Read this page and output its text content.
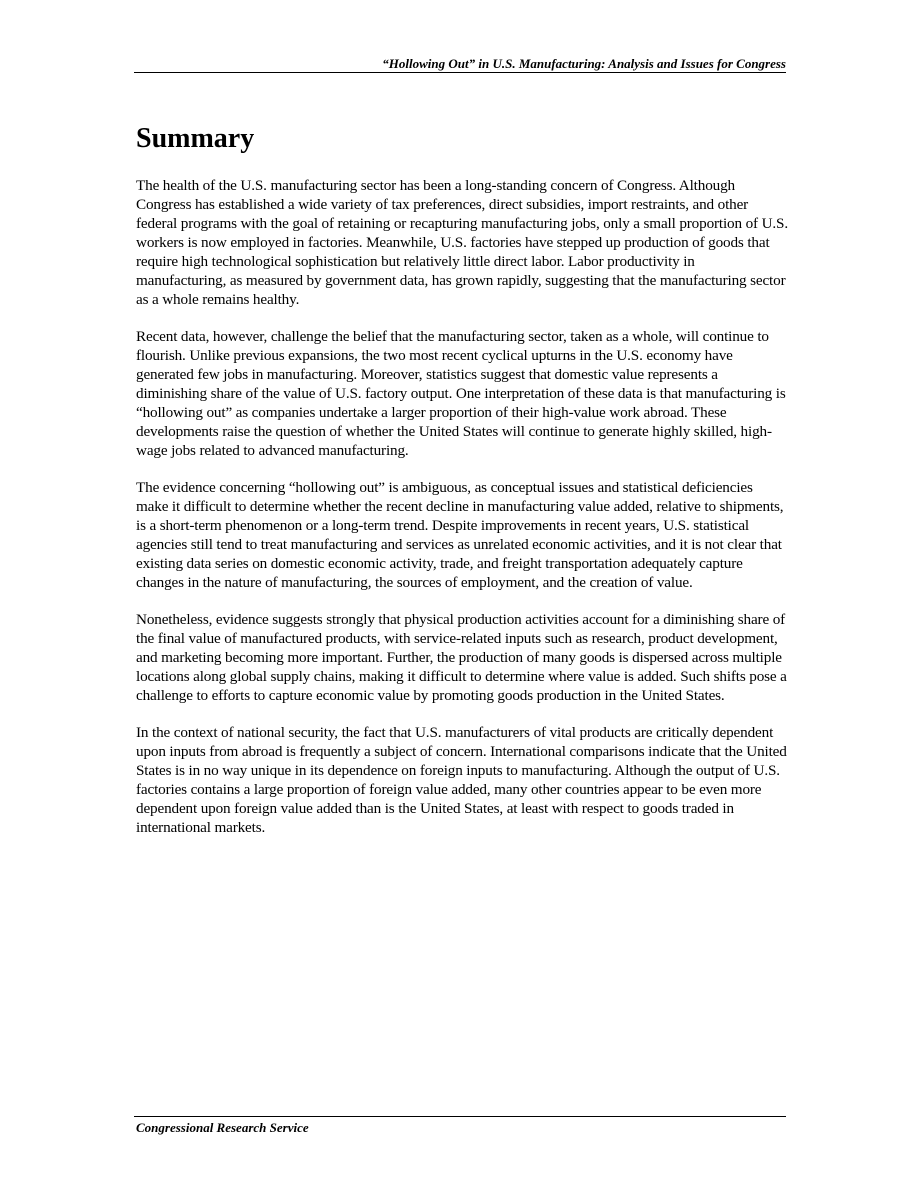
“Hollowing Out” in U.S. Manufacturing: Analysis and Issues for Congress
Summary

The health of the U.S. manufacturing sector has been a long-standing concern of Congress. Although Congress has established a wide variety of tax preferences, direct subsidies, import restraints, and other federal programs with the goal of retaining or recapturing manufacturing jobs, only a small proportion of U.S. workers is now employed in factories. Meanwhile, U.S. factories have stepped up production of goods that require high technological sophistication but relatively little direct labor. Labor productivity in manufacturing, as measured by government data, has grown rapidly, suggesting that the manufacturing sector as a whole remains healthy.

Recent data, however, challenge the belief that the manufacturing sector, taken as a whole, will continue to flourish. Unlike previous expansions, the two most recent cyclical upturns in the U.S. economy have generated few jobs in manufacturing. Moreover, statistics suggest that domestic value represents a diminishing share of the value of U.S. factory output. One interpretation of these data is that manufacturing is “hollowing out” as companies undertake a larger proportion of their high-value work abroad. These developments raise the question of whether the United States will continue to generate highly skilled, high-wage jobs related to advanced manufacturing.

The evidence concerning “hollowing out” is ambiguous, as conceptual issues and statistical deficiencies make it difficult to determine whether the recent decline in manufacturing value added, relative to shipments, is a short-term phenomenon or a long-term trend. Despite improvements in recent years, U.S. statistical agencies still tend to treat manufacturing and services as unrelated economic activities, and it is not clear that existing data series on domestic economic activity, trade, and freight transportation adequately capture changes in the nature of manufacturing, the sources of employment, and the creation of value.

Nonetheless, evidence suggests strongly that physical production activities account for a diminishing share of the final value of manufactured products, with service-related inputs such as research, product development, and marketing becoming more important. Further, the production of many goods is dispersed across multiple locations along global supply chains, making it difficult to determine where value is added. Such shifts pose a challenge to efforts to capture economic value by promoting goods production in the United States.

In the context of national security, the fact that U.S. manufacturers of vital products are critically dependent upon inputs from abroad is frequently a subject of concern. International comparisons indicate that the United States is in no way unique in its dependence on foreign inputs to manufacturing. Although the output of U.S. factories contains a large proportion of foreign value added, many other countries appear to be even more dependent upon foreign value added than is the United States, at least with respect to goods traded in international markets.

Congressional Research Service
